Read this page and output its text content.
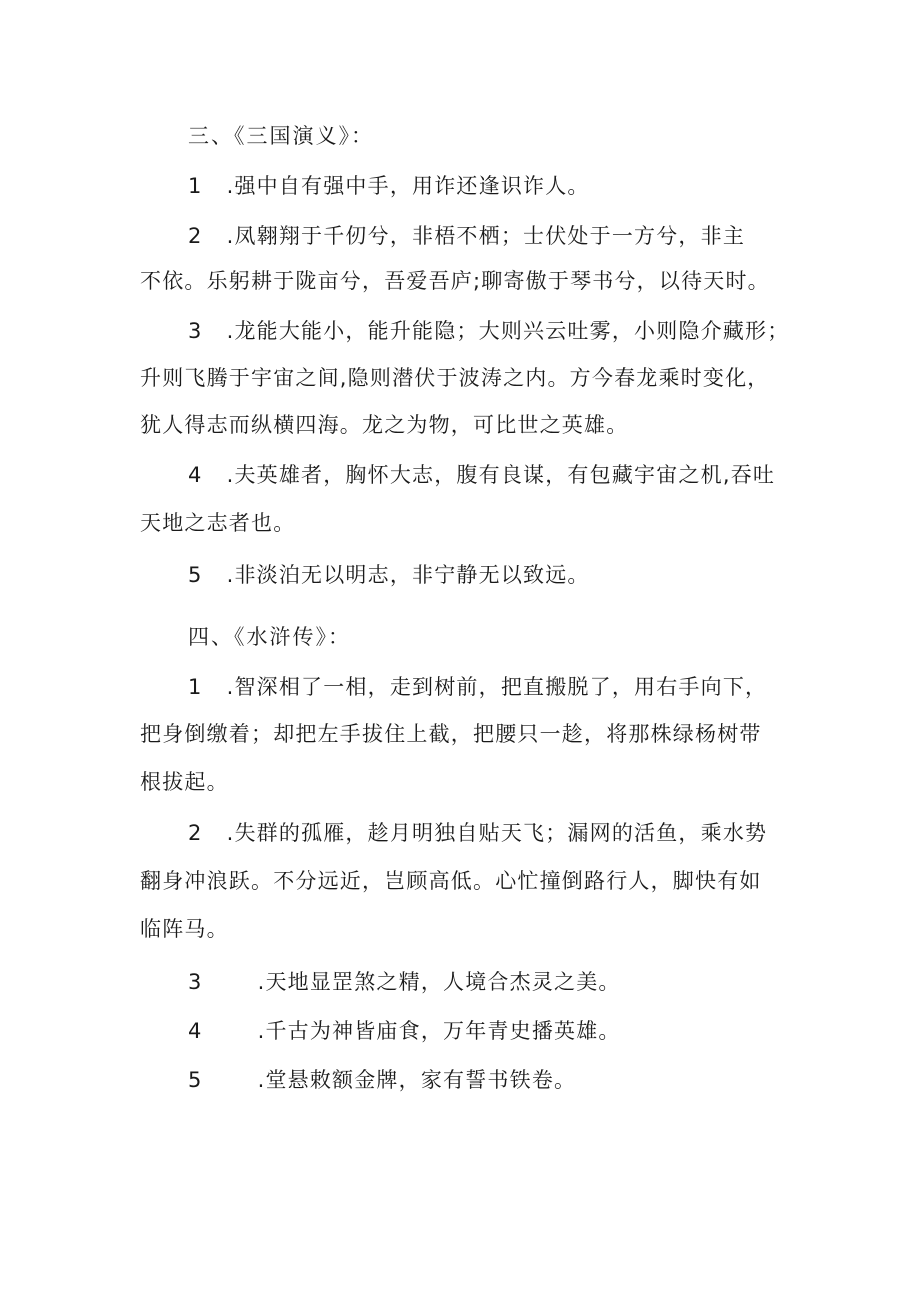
三、《三国演义》：
1 .强中自有强中手，用诈还逢识诈人。
2 .凤翱翔于千仞兮，非梧不栖；士伏处于一方兮，非主
不依。乐躬耕于陇亩兮，吾爱吾庐;聊寄傲于琴书兮，以待天时。
3 .龙能大能小，能升能隐；大则兴云吐雾，小则隐介藏形；
升则飞腾于宇宙之间,隐则潜伏于波涛之内。方今春龙乘时变化，
犹人得志而纵横四海。龙之为物，可比世之英雄。
4 .夫英雄者，胸怀大志，腹有良谋，有包藏宇宙之机,吞吐
天地之志者也。
5 .非淡泊无以明志，非宁静无以致远。
四、《水浒传》：
1 .智深相了一相，走到树前，把直搬脱了，用右手向下，
把身倒缴着；却把左手拔住上截，把腰只一趁，将那株绿杨树带
根拔起。
2 .失群的孤雁，趁月明独自贴天飞；漏网的活鱼，乘水势
翻身冲浪跃。不分远近，岂顾高低。心忙撞倒路行人，脚快有如
临阵马。
3	.天地显罡煞之精，人境合杰灵之美。
4	.千古为神皆庙食，万年青史播英雄。
5	.堂悬敕额金牌，家有誓书铁卷。
